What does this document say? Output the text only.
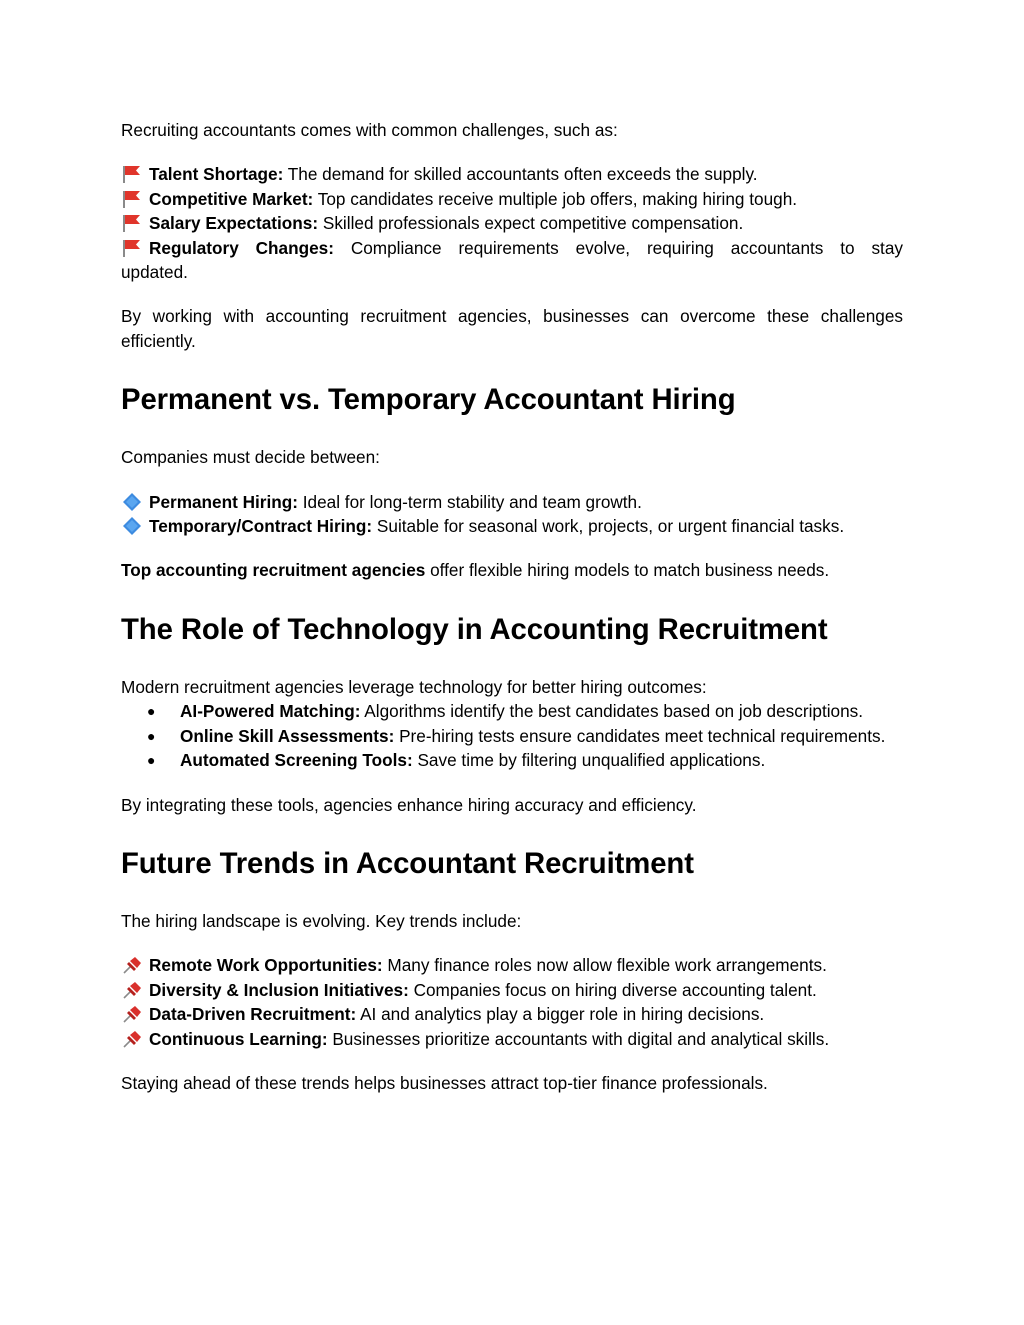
Recruiting accountants comes with common challenges, such as:

Talent Shortage: The demand for skilled accountants often exceeds the supply.
Competitive Market: Top candidates receive multiple job offers, making hiring tough.
Salary Expectations: Skilled professionals expect competitive compensation.
Regulatory Changes: Compliance requirements evolve, requiring accountants to stay updated.

By working with accounting recruitment agencies, businesses can overcome these challenges efficiently.

Permanent vs. Temporary Accountant Hiring

Companies must decide between:

Permanent Hiring: Ideal for long-term stability and team growth.
Temporary/Contract Hiring: Suitable for seasonal work, projects, or urgent financial tasks.

Top accounting recruitment agencies offer flexible hiring models to match business needs.

The Role of Technology in Accounting Recruitment

Modern recruitment agencies leverage technology for better hiring outcomes:

● AI-Powered Matching: Algorithms identify the best candidates based on job descriptions.
● Online Skill Assessments: Pre-hiring tests ensure candidates meet technical requirements.
● Automated Screening Tools: Save time by filtering unqualified applications.

By integrating these tools, agencies enhance hiring accuracy and efficiency.

Future Trends in Accountant Recruitment

The hiring landscape is evolving. Key trends include:

Remote Work Opportunities: Many finance roles now allow flexible work arrangements.
Diversity & Inclusion Initiatives: Companies focus on hiring diverse accounting talent.
Data-Driven Recruitment: AI and analytics play a bigger role in hiring decisions.
Continuous Learning: Businesses prioritize accountants with digital and analytical skills.

Staying ahead of these trends helps businesses attract top-tier finance professionals.
